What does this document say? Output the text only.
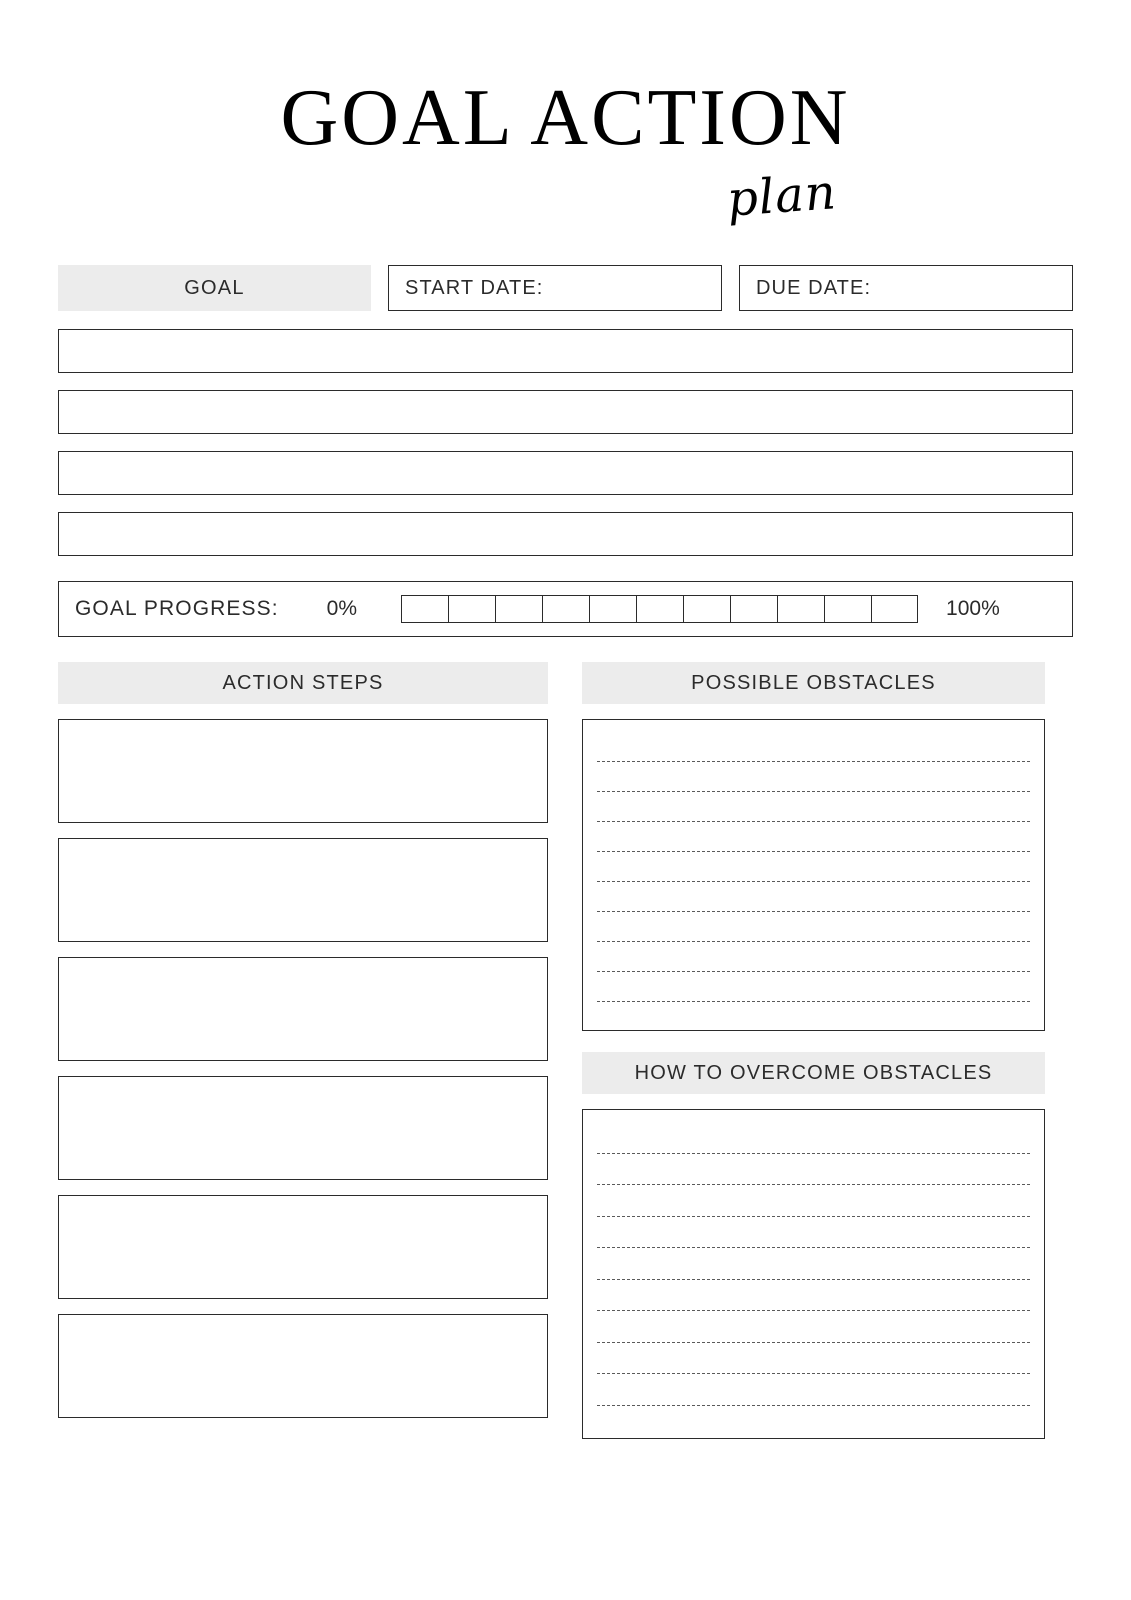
GOAL ACTION
plan
GOAL	START DATE:	DUE DATE:
GOAL PROGRESS: 0%	100%
ACTION STEPS	POSSIBLE OBSTACLES
HOW TO OVERCOME OBSTACLES
